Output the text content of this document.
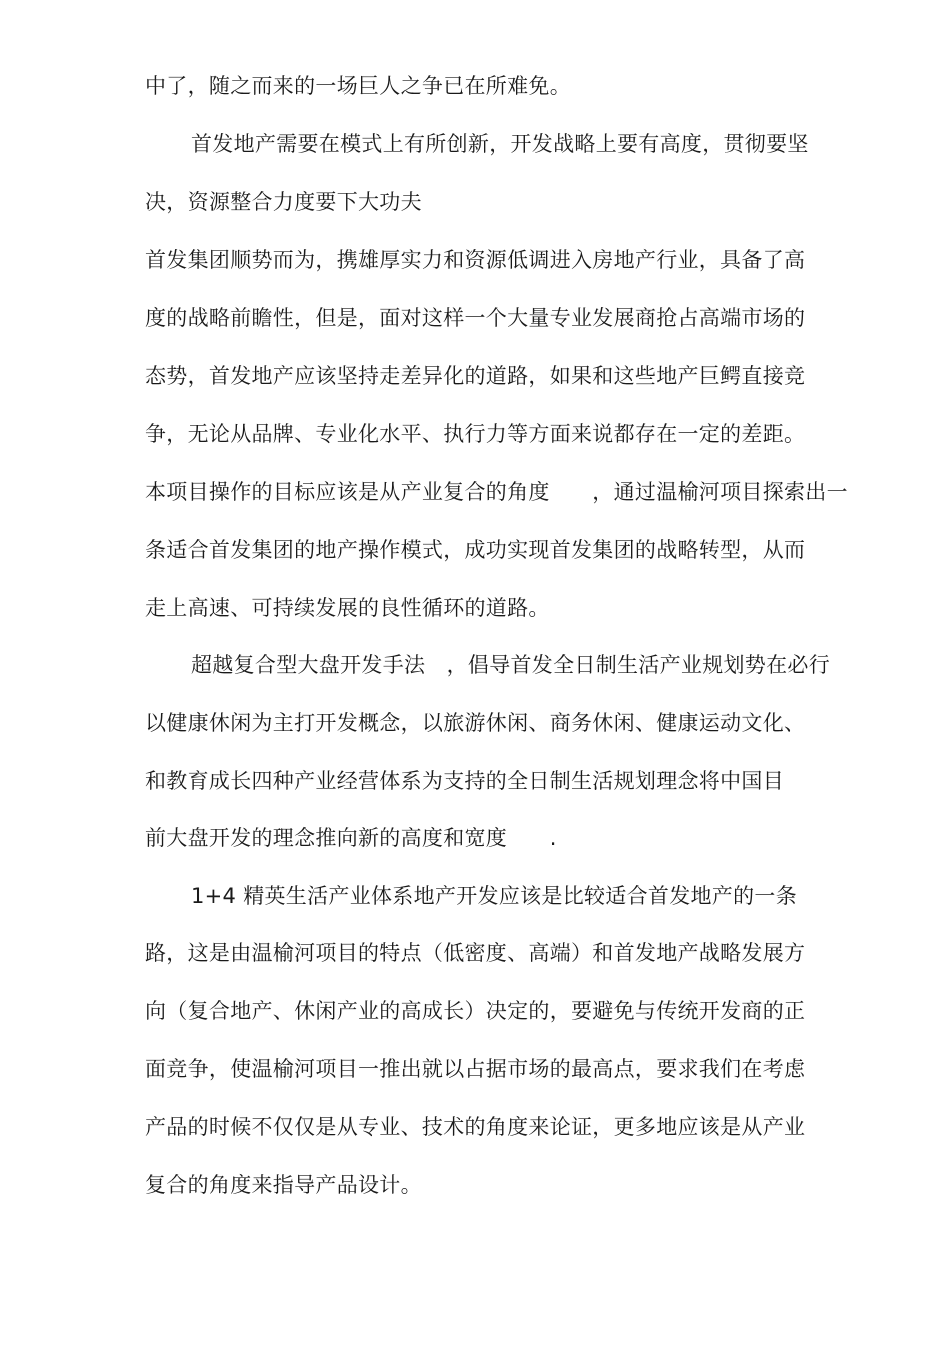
中了，随之而来的一场巨人之争已在所难免。
首发地产需要在模式上有所创新，开发战略上要有高度，贯彻要坚
决，资源整合力度要下大功夫
首发集团顺势而为，携雄厚实力和资源低调进入房地产行业，具备了高
度的战略前瞻性，但是，面对这样一个大量专业发展商抢占高端市场的
态势，首发地产应该坚持走差异化的道路，如果和这些地产巨鳄直接竞
争，无论从品牌、专业化水平、执行力等方面来说都存在一定的差距。
本项目操作的目标应该是从产业复合的角度　　，通过温榆河项目探索出一
条适合首发集团的地产操作模式，成功实现首发集团的战略转型，从而
走上高速、可持续发展的良性循环的道路。
超越复合型大盘开发手法　，倡导首发全日制生活产业规划势在必行
以健康休闲为主打开发概念，以旅游休闲、商务休闲、健康运动文化、
和教育成长四种产业经营体系为支持的全日制生活规划理念将中国目
前大盘开发的理念推向新的高度和宽度　　.
1+4 精英生活产业体系地产开发应该是比较适合首发地产的一条
路，这是由温榆河项目的特点（低密度、高端）和首发地产战略发展方
向（复合地产、休闲产业的高成长）决定的，要避免与传统开发商的正
面竞争，使温榆河项目一推出就以占据市场的最高点，要求我们在考虑
产品的时候不仅仅是从专业、技术的角度来论证，更多地应该是从产业
复合的角度来指导产品设计。
